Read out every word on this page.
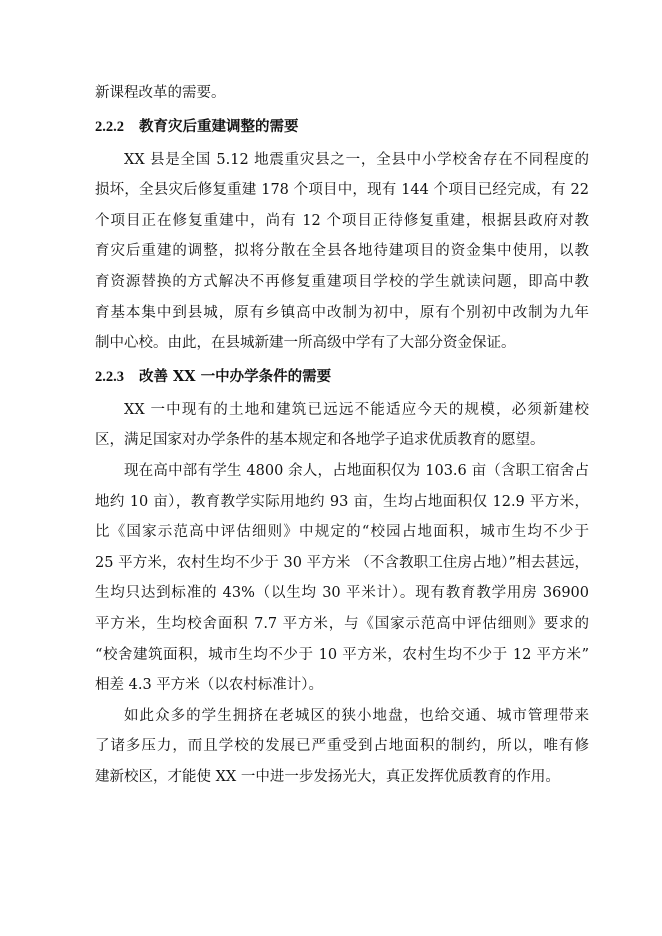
新课程改革的需要。
2.2.2 教育灾后重建调整的需要
XX 县是全国 5.12 地震重灾县之一，全县中小学校舍存在不同程度的
损坏，全县灾后修复重建 178 个项目中，现有 144 个项目已经完成，有 22
个项目正在修复重建中，尚有 12 个项目正待修复重建，根据县政府对教
育灾后重建的调整，拟将分散在全县各地待建项目的资金集中使用，以教
育资源替换的方式解决不再修复重建项目学校的学生就读问题，即高中教
育基本集中到县城，原有乡镇高中改制为初中，原有个别初中改制为九年
制中心校。由此，在县城新建一所高级中学有了大部分资金保证。
2.2.3 改善 XX 一中办学条件的需要
XX 一中现有的土地和建筑已远远不能适应今天的规模，必须新建校
区，满足国家对办学条件的基本规定和各地学子追求优质教育的愿望。
现在高中部有学生 4800 余人，占地面积仅为 103.6 亩（含职工宿舍占
地约 10 亩），教育教学实际用地约 93 亩，生均占地面积仅 12.9 平方米，
比《国家示范高中评估细则》中规定的“校园占地面积，城市生均不少于
25 平方米，农村生均不少于 30 平方米 （不含教职工住房占地）”相去甚远，
生均只达到标准的 43%（以生均 30 平米计）。现有教育教学用房 36900
平方米，生均校舍面积 7.7 平方米，与《国家示范高中评估细则》要求的
“校舍建筑面积，城市生均不少于 10 平方米，农村生均不少于 12 平方米”
相差 4.3 平方米（以农村标准计）。
如此众多的学生拥挤在老城区的狭小地盘，也给交通、城市管理带来
了诸多压力，而且学校的发展已严重受到占地面积的制约，所以，唯有修
建新校区，才能使 XX 一中进一步发扬光大，真正发挥优质教育的作用。
